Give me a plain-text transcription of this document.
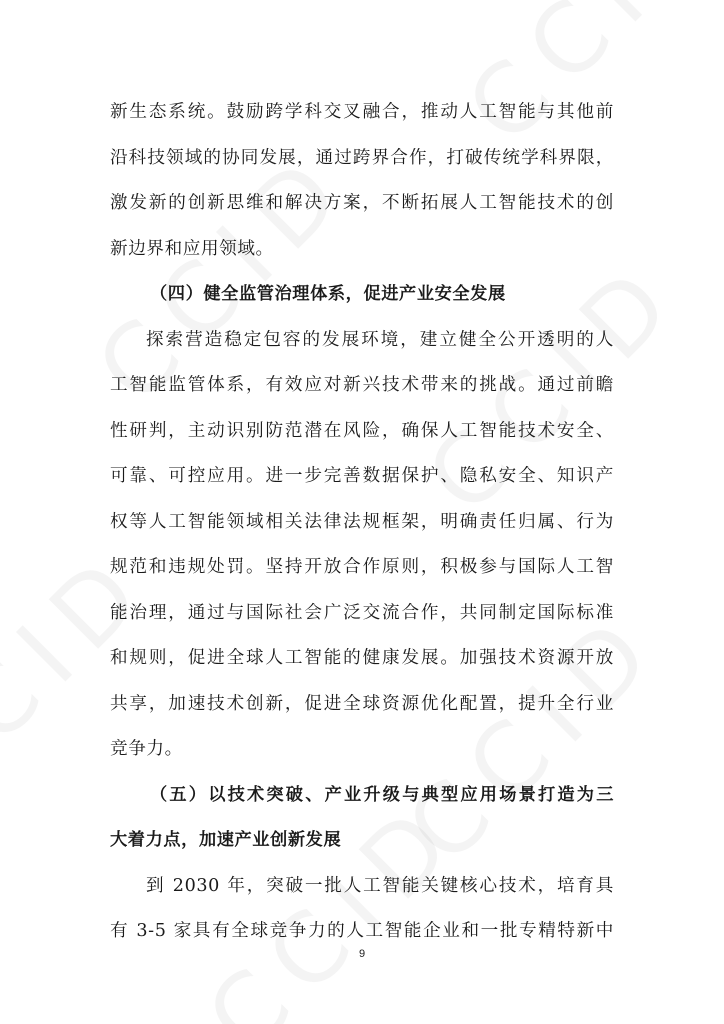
新生态系统。鼓励跨学科交叉融合，推动人工智能与其他前
沿科技领域的协同发展，通过跨界合作，打破传统学科界限，
激发新的创新思维和解决方案，不断拓展人工智能技术的创
新边界和应用领域。
（四）健全监管治理体系，促进产业安全发展
探索营造稳定包容的发展环境，建立健全公开透明的人
工智能监管体系，有效应对新兴技术带来的挑战。通过前瞻
性研判，主动识别防范潜在风险，确保人工智能技术安全、
可靠、可控应用。进一步完善数据保护、隐私安全、知识产
权等人工智能领域相关法律法规框架，明确责任归属、行为
规范和违规处罚。坚持开放合作原则，积极参与国际人工智
能治理，通过与国际社会广泛交流合作，共同制定国际标准
和规则，促进全球人工智能的健康发展。加强技术资源开放
共享，加速技术创新，促进全球资源优化配置，提升全行业
竞争力。
（五）以技术突破、产业升级与典型应用场景打造为三
大着力点，加速产业创新发展
到 2030 年，突破一批人工智能关键核心技术，培育具
有 3-5 家具有全球竞争力的人工智能企业和一批专精特新中
9
